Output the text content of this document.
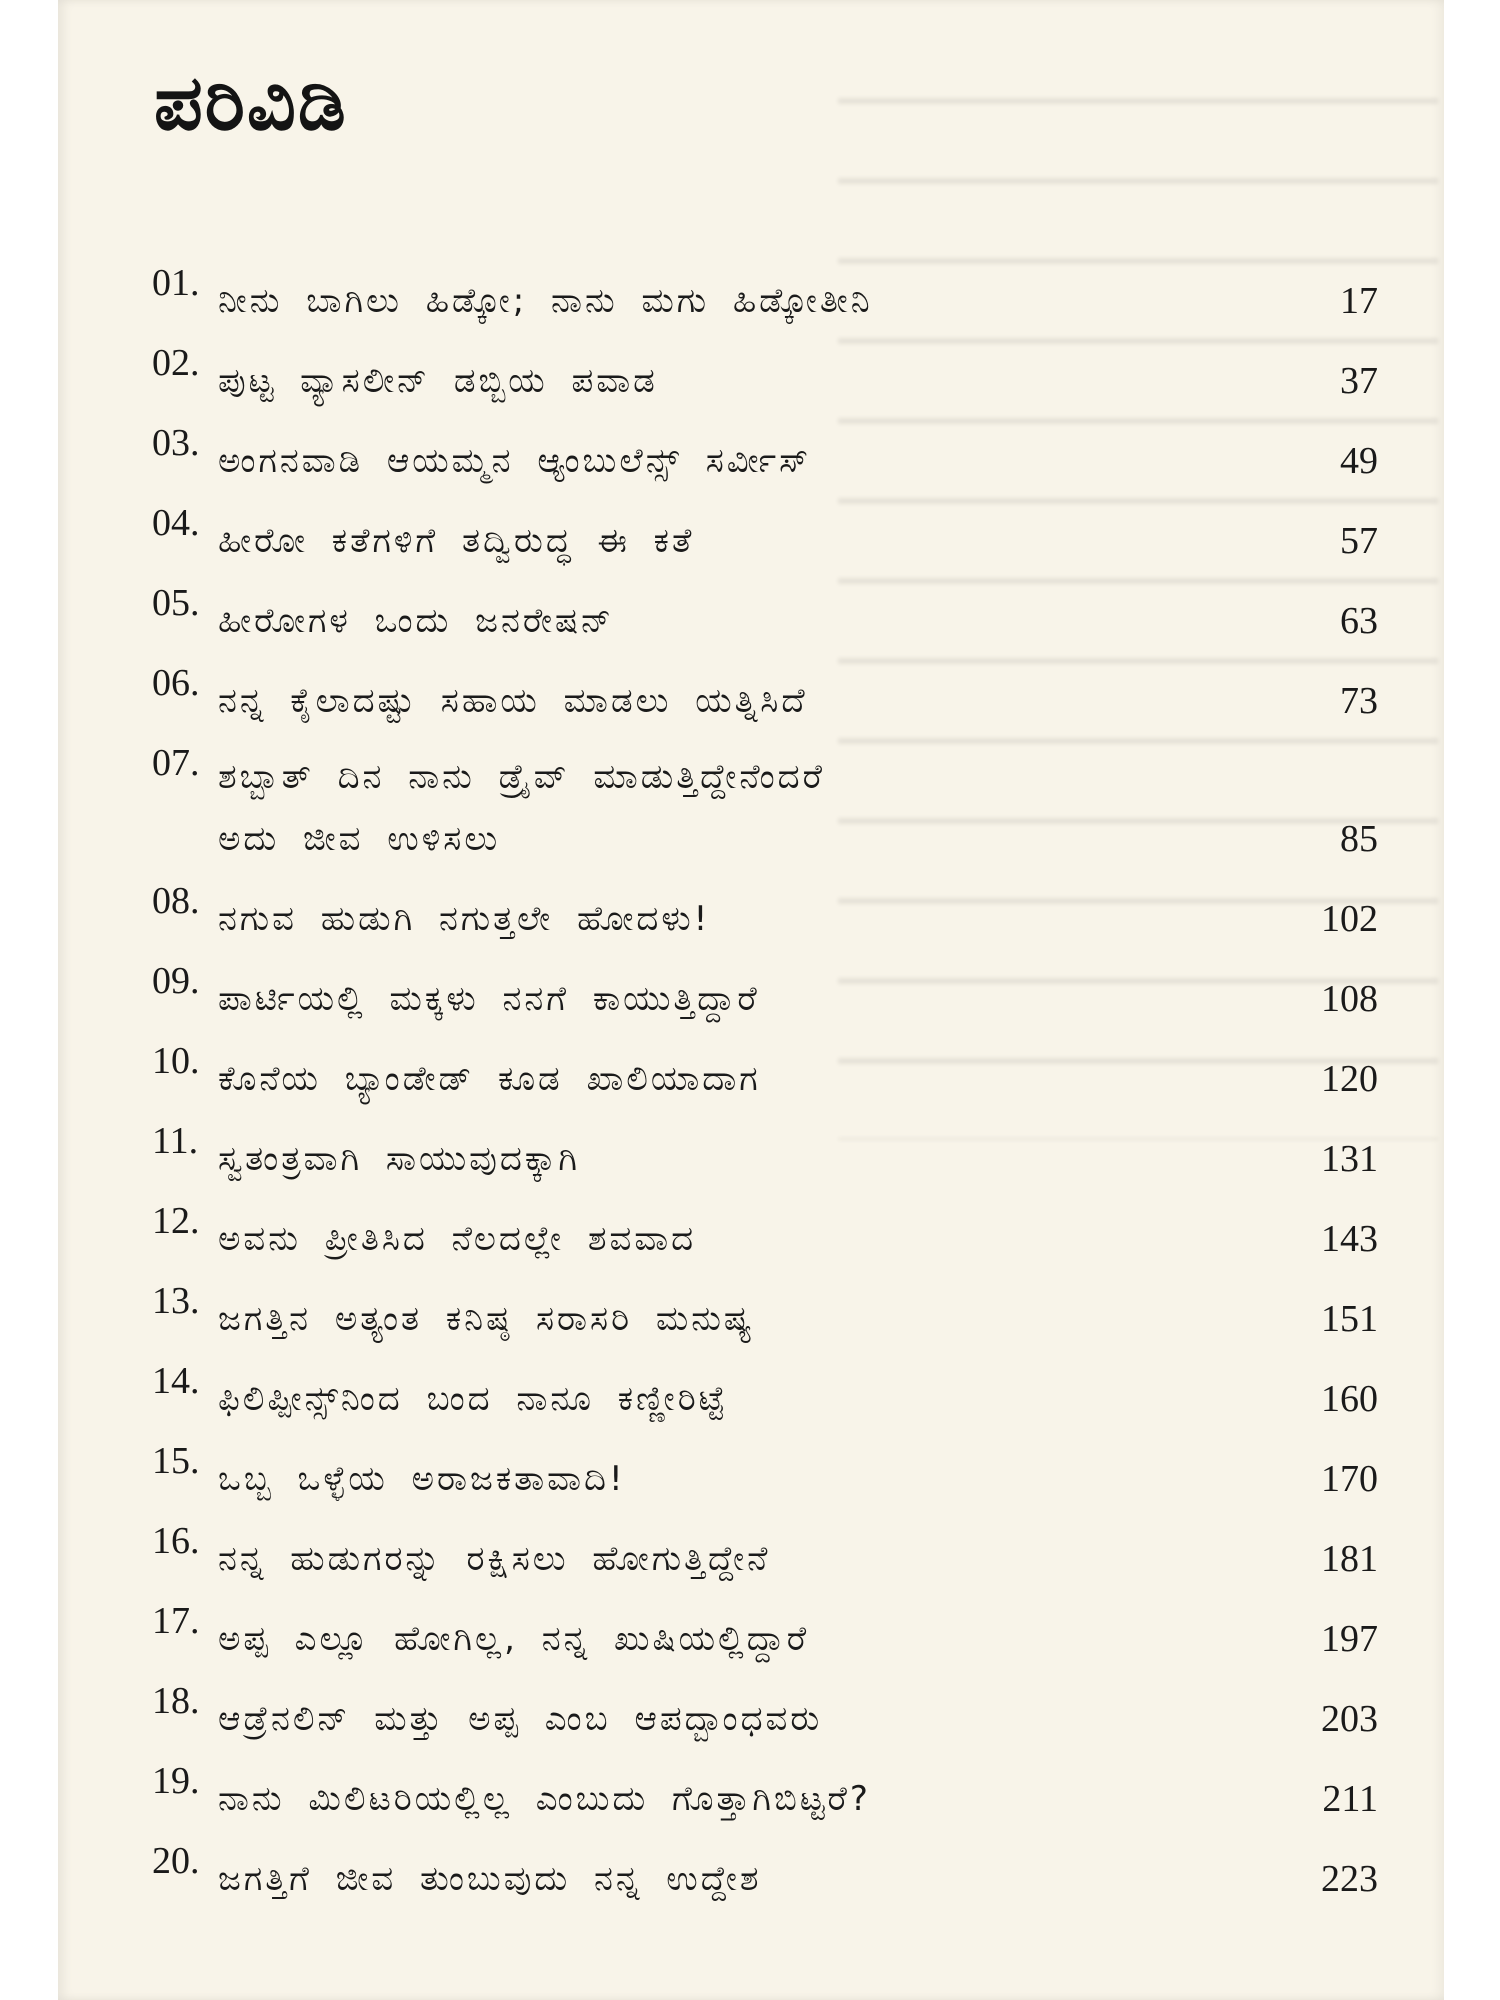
ಪರಿವಿಡಿ
01. ನೀನು ಬಾಗಿಲು ಹಿಡ್ಕೋ; ನಾನು ಮಗು ಹಿಡ್ಕೋತೀನಿ	17
02. ಪುಟ್ಟ ವ್ಯಾಸಲೀನ್ ಡಬ್ಬಿಯ ಪವಾಡ	37
03. ಅಂಗನವಾಡಿ ಆಯಮ್ಮನ ಆ್ಯಂಬುಲೆನ್ಸ್ ಸರ್ವೀಸ್	49
04. ಹೀರೋ ಕತೆಗಳಿಗೆ ತದ್ವಿರುದ್ಧ ಈ ಕತೆ	57
05. ಹೀರೋಗಳ ಒಂದು ಜನರೇಷನ್	63
06. ನನ್ನ ಕೈಲಾದಷ್ಟು ಸಹಾಯ ಮಾಡಲು ಯತ್ನಿಸಿದೆ	73
07. ಶಬ್ಬಾತ್ ದಿನ ನಾನು ಡ್ರೈವ್ ಮಾಡುತ್ತಿದ್ದೇನೆಂದರೆ
ಅದು ಜೀವ ಉಳಿಸಲು	85
08. ನಗುವ ಹುಡುಗಿ ನಗುತ್ತಲೇ ಹೋದಳು!	102
09. ಪಾರ್ಟಿಯಲ್ಲಿ ಮಕ್ಕಳು ನನಗೆ ಕಾಯುತ್ತಿದ್ದಾರೆ	108
10. ಕೊನೆಯ ಬ್ಯಾಂಡೇಡ್ ಕೂಡ ಖಾಲಿಯಾದಾಗ	120
11. ಸ್ವತಂತ್ರವಾಗಿ ಸಾಯುವುದಕ್ಕಾಗಿ	131
12. ಅವನು ಪ್ರೀತಿಸಿದ ನೆಲದಲ್ಲೇ ಶವವಾದ	143
13. ಜಗತ್ತಿನ ಅತ್ಯಂತ ಕನಿಷ್ಠ ಸರಾಸರಿ ಮನುಷ್ಯ	151
14. ಫಿಲಿಪ್ಪೀನ್ಸ್‌ನಿಂದ ಬಂದ ನಾನೂ ಕಣ್ಣೀರಿಟ್ಟೆ	160
15. ಒಬ್ಬ ಒಳ್ಳೆಯ ಅರಾಜಕತಾವಾದಿ!	170
16. ನನ್ನ ಹುಡುಗರನ್ನು ರಕ್ಷಿಸಲು ಹೋಗುತ್ತಿದ್ದೇನೆ	181
17. ಅಪ್ಪ ಎಲ್ಲೂ ಹೋಗಿಲ್ಲ, ನನ್ನ ಖುಷಿಯಲ್ಲಿದ್ದಾರೆ	197
18. ಆಡ್ರೆನಲಿನ್ ಮತ್ತು ಅಪ್ಪ ಎಂಬ ಆಪದ್ಬಾಂಧವರು	203
19. ನಾನು ಮಿಲಿಟರಿಯಲ್ಲಿಲ್ಲ ಎಂಬುದು ಗೊತ್ತಾಗಿಬಿಟ್ಟರೆ?	211
20. ಜಗತ್ತಿಗೆ ಜೀವ ತುಂಬುವುದು ನನ್ನ ಉದ್ದೇಶ	223
